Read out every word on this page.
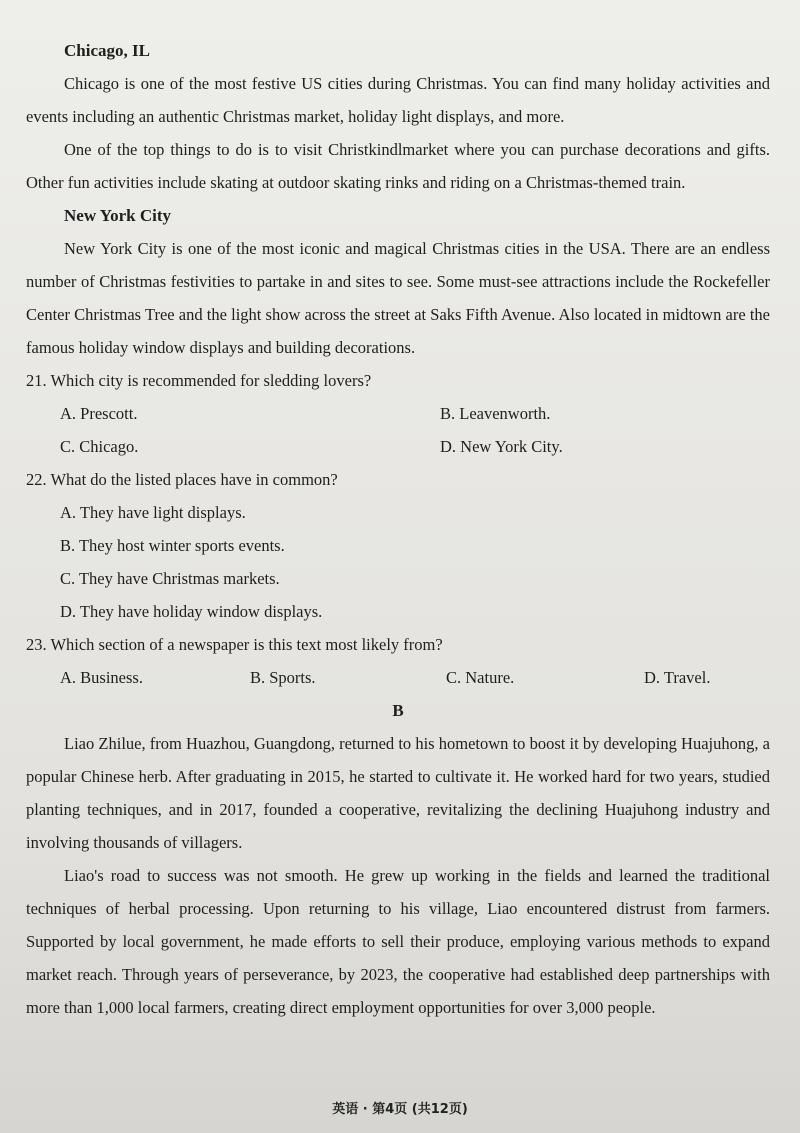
Chicago, IL

Chicago is one of the most festive US cities during Christmas. You can find many holiday activities and events including an authentic Christmas market, holiday light displays, and more.

One of the top things to do is to visit Christkindlmarket where you can purchase decorations and gifts. Other fun activities include skating at outdoor skating rinks and riding on a Christmas-themed train.

New York City

New York City is one of the most iconic and magical Christmas cities in the USA. There are an endless number of Christmas festivities to partake in and sites to see. Some must-see attractions include the Rockefeller Center Christmas Tree and the light show across the street at Saks Fifth Avenue. Also located in midtown are the famous holiday window displays and building decorations.

21. Which city is recommended for sledding lovers?

A. Prescott.	B. Leavenworth.
C. Chicago.	D. New York City.

22. What do the listed places have in common?

A. They have light displays.
B. They host winter sports events.
C. They have Christmas markets.
D. They have holiday window displays.

23. Which section of a newspaper is this text most likely from?

A. Business.	B. Sports.	C. Nature.	D. Travel.
B

Liao Zhilue, from Huazhou, Guangdong, returned to his hometown to boost it by developing Huajuhong, a popular Chinese herb. After graduating in 2015, he started to cultivate it. He worked hard for two years, studied planting techniques, and in 2017, founded a cooperative, revitalizing the declining Huajuhong industry and involving thousands of villagers.

Liao's road to success was not smooth. He grew up working in the fields and learned the traditional techniques of herbal processing. Upon returning to his village, Liao encountered distrust from farmers. Supported by local government, he made efforts to sell their produce, employing various methods to expand market reach. Through years of perseverance, by 2023, the cooperative had established deep partnerships with more than 1,000 local farmers, creating direct employment opportunities for over 3,000 people.

英语 · 第4页 (共12页)
